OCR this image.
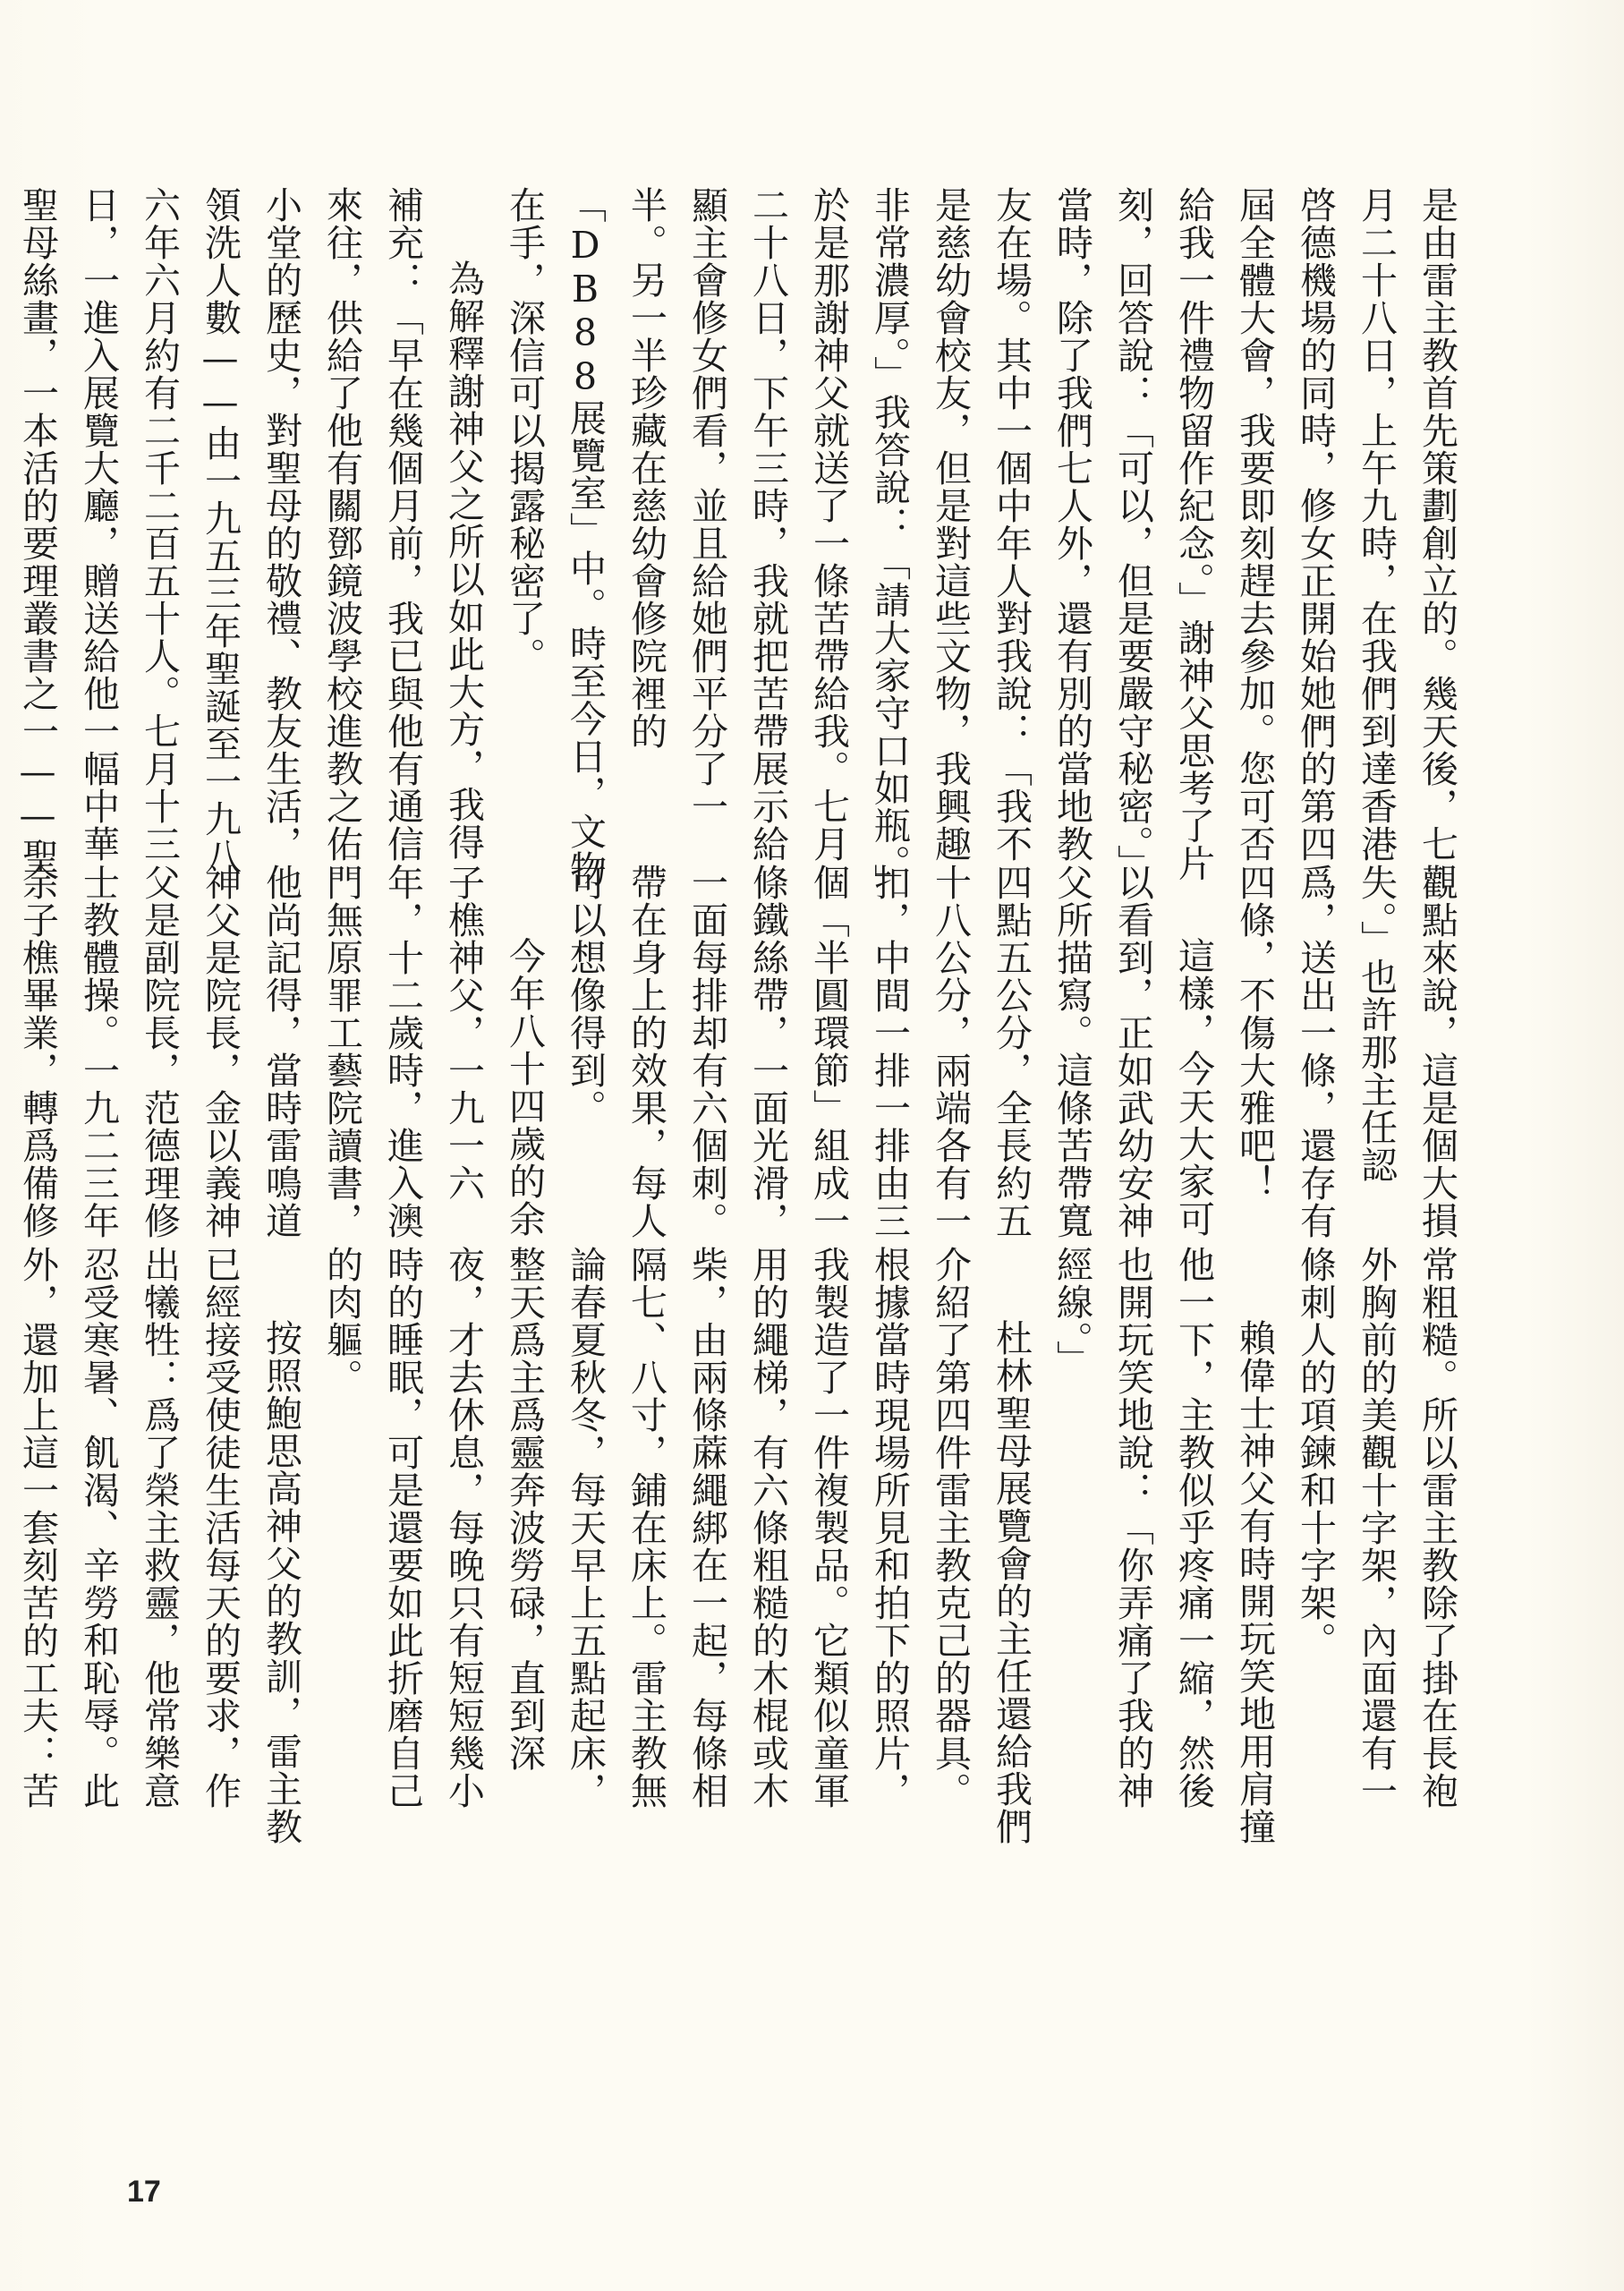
是由雷主教首先策劃創立的。幾天後，七月二十八日，上午九時，在我們到達香港啓德機場的同時，修女正開始她們的第四屆全體大會，我要即刻趕去參加。您可否給我一件禮物留作紀念。」謝神父思考了片刻，回答說：「可以，但是要嚴守秘密。」當時，除了我們七人外，還有別的當地教友在場。其中一個中年人對我說：「我不是慈幼會校友，但是對這些文物，我興趣非常濃厚。」我答說：「請大家守口如瓶。」於是那謝神父就送了一條苦帶給我。七月二十八日，下午三時，我就把苦帶展示給顯主會修女們看，並且給她們平分了一半。另一半珍藏在慈幼會修院裡的「DB88展覽室」中。時至今日，文物在手，深信可以揭露秘密了。

為解釋謝神父之所以如此大方，我得補充：「早在幾個月前，我已與他有通信來往，供給了他有關鄧鏡波學校進教之佑小堂的歷史，對聖母的敬禮、教友生活，領洗人數——由一九五三年聖誕至一九八六年六月約有二千二百五十人。七月十三日，一進入展覽大廳，贈送給他一幅中華聖母絲畫，一本活的要理叢書之一——聖

觀點來說，這是個大損失。」也許那主任認爲，送出一條，還存有四條，不傷大雅吧！

這樣，今天大家可以看到，正如武幼安神父所描寫。這條苦帶寬四點五公分，全長約五十八公分，兩端各有一扣，中間一排一排由三個「半圓環節」組成一條鐵絲帶，一面光滑，一面每排却有六個刺。帶在身上的效果，每人可以想像得到。

今年八十四歲的余子樵神父，一九一六年，十二歲時，進入澳門無原罪工藝院讀書，他尚記得，當時雷鳴道神父是院長，金以義神父是副院長，范德理修士教體操。一九二三年余子樵畢業，轉爲備修

常粗糙。所以雷主教除了掛在長袍外胸前的美觀十字架，內面還有一條刺人的項鍊和十字架。

賴偉士神父有時開玩笑地用肩撞他一下，主教似乎疼痛一縮，然後也開玩笑地說：「你弄痛了我的神經線。」

杜林聖母展覽會的主任還給我們介紹了第四件雷主教克己的器具。根據當時現場所見和拍下的照片，我製造了一件複製品。它類似童軍用的繩梯，有六條粗糙的木棍或木柴，由兩條蔴繩綁在一起，每條相隔七、八寸，鋪在床上。雷主教無論春夏秋冬，每天早上五點起床，整天爲主爲靈奔波勞碌，直到深夜，才去休息，每晚只有短短幾小時的睡眠，可是還要如此折磨自己的肉軀。

按照鮑思高神父的教訓，雷主教已經接受使徒生活每天的要求，作出犧牲：爲了榮主救靈，他常樂意忍受寒暑、飢渴、辛勞和恥辱。此外，還加上這一套刻苦的工夫：苦

17
